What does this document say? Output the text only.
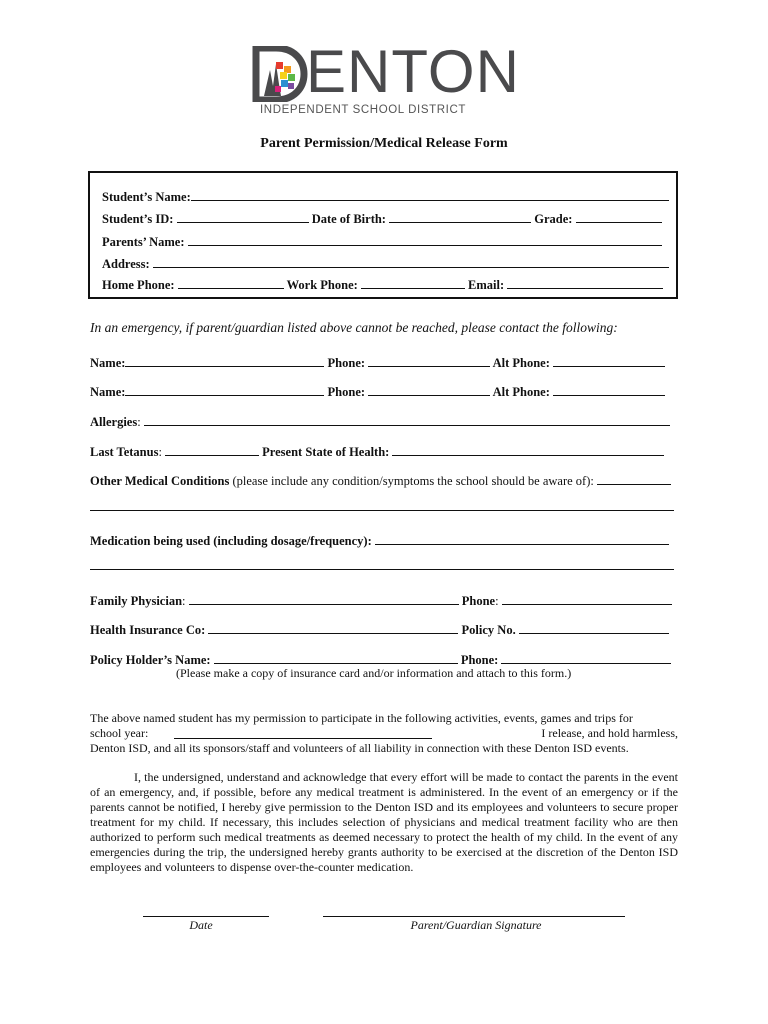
ENTON
INDEPENDENT SCHOOL DISTRICT
Parent Permission/Medical Release Form
Student’s Name:
Student’s ID:	Date of Birth:	Grade:
Parents’ Name:
Address:
Home Phone:	Work Phone:	Email:
In an emergency, if parent/guardian listed above cannot be reached, please contact the following:
Name:	Phone:	Alt Phone:
Name:	Phone:	Alt Phone:
Allergies:
Last Tetanus:	Present State of Health:
Other Medical Conditions (please include any condition/symptoms the school should be aware of):
Medication being used (including dosage/frequency):
Family Physician:	Phone:
Health Insurance Co:	Policy No.
Policy Holder’s Name:	Phone:
(Please make a copy of insurance card and/or information and attach to this form.)
The above named student has my permission to participate in the following activities, events, games and trips for
school year:	I release, and hold harmless,
Denton ISD, and all its sponsors/staff and volunteers of all liability in connection with these Denton ISD events.
I, the undersigned, understand and acknowledge that every effort will be made to contact the parents in the event of an emergency, and, if possible, before any medical treatment is administered. In the event of an emergency or if the parents cannot be notified, I hereby give permission to the Denton ISD and its employees and volunteers to secure proper treatment for my child. If necessary, this includes selection of physicians and medical treatment facility who are then authorized to perform such medical treatments as deemed necessary to protect the health of my child. In the event of any emergencies during the trip, the undersigned hereby grants authority to be exercised at the discretion of the Denton ISD employees and volunteers to dispense over-the-counter medication.
Date	Parent/Guardian Signature
